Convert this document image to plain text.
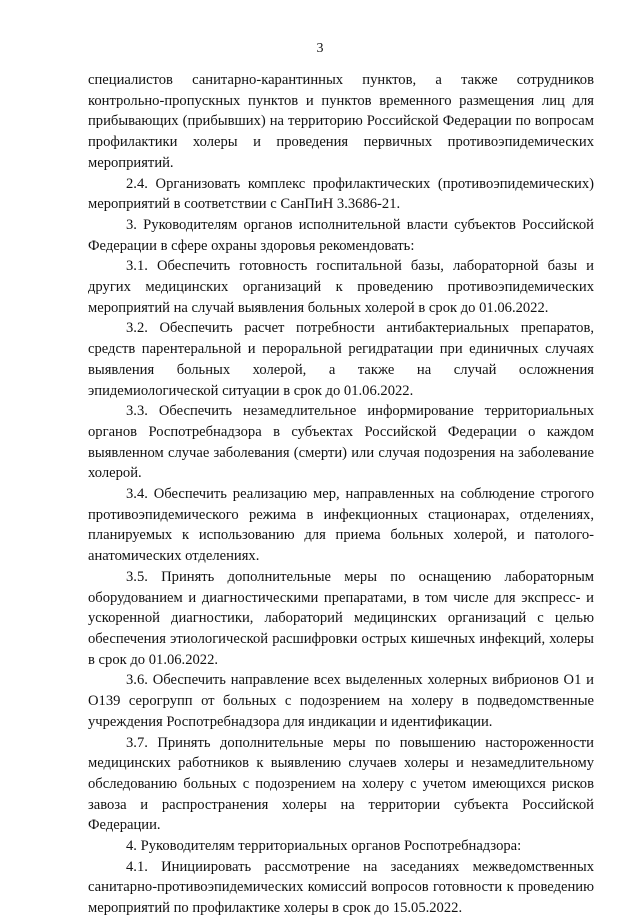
3

специалистов санитарно-карантинных пунктов, а также сотрудников контрольно-пропускных пунктов и пунктов временного размещения лиц для прибывающих (прибывших) на территорию Российской Федерации по вопросам профилактики холеры и проведения первичных противоэпидемических мероприятий.

2.4. Организовать комплекс профилактических (противоэпидемических) мероприятий в соответствии с СанПиН 3.3686-21.

3. Руководителям органов исполнительной власти субъектов Российской Федерации в сфере охраны здоровья рекомендовать:

3.1. Обеспечить готовность госпитальной базы, лабораторной базы и других медицинских организаций к проведению противоэпидемических мероприятий на случай выявления больных холерой в срок до 01.06.2022.

3.2. Обеспечить расчет потребности антибактериальных препаратов, средств парентеральной и пероральной регидратации при единичных случаях выявления больных холерой, а также на случай осложнения эпидемиологической ситуации в срок до 01.06.2022.

3.3. Обеспечить незамедлительное информирование территориальных органов Роспотребнадзора в субъектах Российской Федерации о каждом выявленном случае заболевания (смерти) или случая подозрения на заболевание холерой.

3.4. Обеспечить реализацию мер, направленных на соблюдение строгого противоэпидемического режима в инфекционных стационарах, отделениях, планируемых к использованию для приема больных холерой, и патолого-анатомических отделениях.

3.5. Принять дополнительные меры по оснащению лабораторным оборудованием и диагностическими препаратами, в том числе для экспресс- и ускоренной диагностики, лабораторий медицинских организаций с целью обеспечения этиологической расшифровки острых кишечных инфекций, холеры в срок до 01.06.2022.

3.6. Обеспечить направление всех выделенных холерных вибрионов О1 и О139 серогрупп от больных с подозрением на холеру в подведомственные учреждения Роспотребнадзора для индикации и идентификации.

3.7. Принять дополнительные меры по повышению настороженности медицинских работников к выявлению случаев холеры и незамедлительному обследованию больных с подозрением на холеру с учетом имеющихся рисков завоза и распространения холеры на территории субъекта Российской Федерации.

4. Руководителям территориальных органов Роспотребнадзора:

4.1. Инициировать рассмотрение на заседаниях межведомственных санитарно-противоэпидемических комиссий вопросов готовности к проведению мероприятий по профилактике холеры в срок до 15.05.2022.
